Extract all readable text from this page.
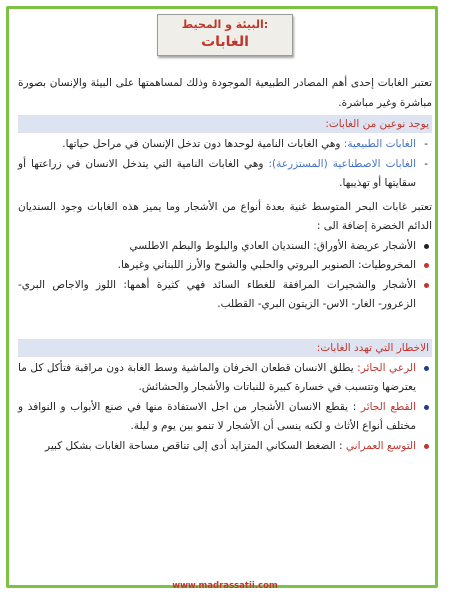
البيئة و المحيط:
الغابات

تعتبر الغابات إحدى أهم المصادر الطبيعية الموجودة وذلك لمساهمتها على البيئة والإنسان بصورة مباشرة وغير مباشرة.

يوجد نوعين من الغابات:
-
الغابات الطبيعية: وهي الغابات النامية لوحدها دون تدخل الإنسان في مراحل حياتها.
-
الغابات الاصطناعية (المستزرعة): وهي الغابات النامية التي يتدخل الانسان في زراعتها أو سقايتها أو تهذيبها.

تعتبر غابات البحر المتوسط غنية بعدة أنواع من الأشجار وما يميز هذه الغابات وجود السنديان الدائم الخضرة إضافة الى :

الأشجار عريضة الأوراق: السنديان العادي والبلوط والبطم الاطلسي
المخروطيات: الصنوبر البروتي والحلبي والشوح والأرز اللبناني وغيرها.
الأشجار والشجيرات المرافقة للغطاء السائد فهي كثيرة أهمها: اللوز والاجاص البري- الزعرور- الغار- الاس- الزيتون البري- القطلب.
الاخطار التي تهدد الغابات:
الرعي الجائر: يطلق الانسان قطعان الخرفان والماشية وسط الغابة دون مراقبة فتأكل كل ما يعترضها وتتسبب في خسارة كبيرة للنباتات والأشجار والحشائش.
القطع الجائر : يقطع الانسان الأشجار من اجل الاستفادة منها في صنع الأبواب و النوافذ و مختلف أنواع الأثاث و لكنه ينسى أن الأشجار لا تنمو بين يوم و ليلة.
التوسع العمراني : الضغط السكاني المتزايد أدى إلى تناقص مساحة الغابات بشكل كبير
www.madrassatii.com
